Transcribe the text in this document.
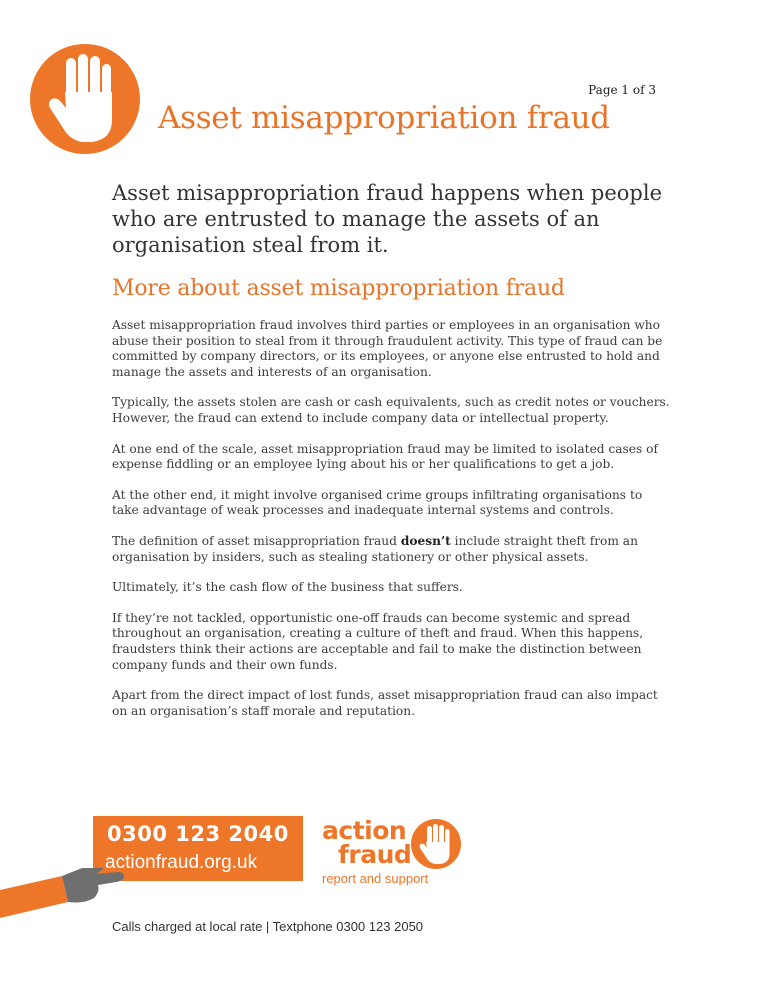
Page 1 of 3
Asset misappropriation fraud

Asset misappropriation fraud happens when people who are entrusted to manage the assets of an organisation steal from it.

More about asset misappropriation fraud

Asset misappropriation fraud involves third parties or employees in an organisation who abuse their position to steal from it through fraudulent activity. This type of fraud can be committed by company directors, or its employees, or anyone else entrusted to hold and manage the assets and interests of an organisation.

Typically, the assets stolen are cash or cash equivalents, such as credit notes or vouchers. However, the fraud can extend to include company data or intellectual property.

At one end of the scale, asset misappropriation fraud may be limited to isolated cases of expense fiddling or an employee lying about his or her qualifications to get a job.

At the other end, it might involve organised crime groups infiltrating organisations to take advantage of weak processes and inadequate internal systems and controls.

The definition of asset misappropriation fraud doesn’t include straight theft from an organisation by insiders, such as stealing stationery or other physical assets.

Ultimately, it’s the cash flow of the business that suffers.

If they’re not tackled, opportunistic one-off frauds can become systemic and spread throughout an organisation, creating a culture of theft and fraud. When this happens, fraudsters think their actions are acceptable and fail to make the distinction between company funds and their own funds.

Apart from the direct impact of lost funds, asset misappropriation fraud can also impact on an organisation’s staff morale and reputation.

0300 123 2040
actionfraud.org.uk
action
fraud
report and support
Calls charged at local rate | Textphone 0300 123 2050
